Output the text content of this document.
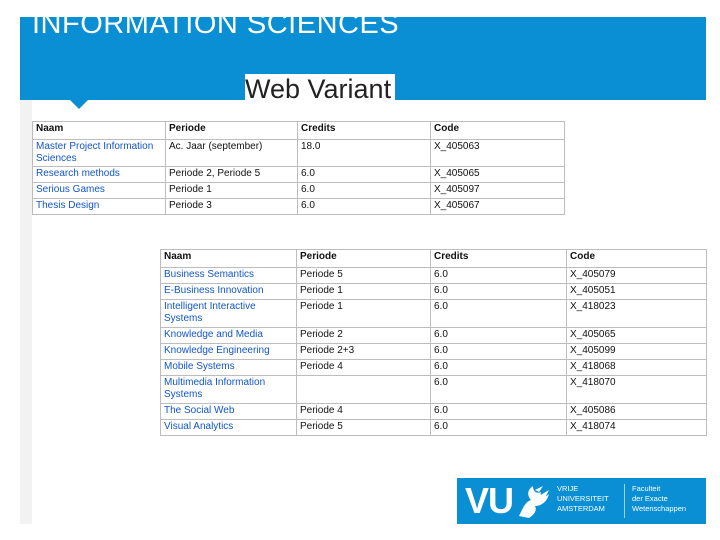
INFORMATION SCIENCES
Web Variant
Naam	Periode	Credits	Code
Master Project Information Sciences	Ac. Jaar (september)	18.0	X_405063
Research methods	Periode 2, Periode 5	6.0	X_405065
Serious Games	Periode 1	6.0	X_405097
Thesis Design	Periode 3	6.0	X_405067
Naam	Periode	Credits	Code
Business Semantics	Periode 5	6.0	X_405079
E-Business Innovation	Periode 1	6.0	X_405051
Intelligent Interactive Systems	Periode 1	6.0	X_418023
Knowledge and Media	Periode 2	6.0	X_405065
Knowledge Engineering	Periode 2+3	6.0	X_405099
Mobile Systems	Periode 4	6.0	X_418068
Multimedia Information Systems		6.0	X_418070
The Social Web	Periode 4	6.0	X_405086
Visual Analytics	Periode 5	6.0	X_418074
VU	VRIJE
UNIVERSITEIT
AMSTERDAM
Faculteit
der Exacte
Wetenschappen
